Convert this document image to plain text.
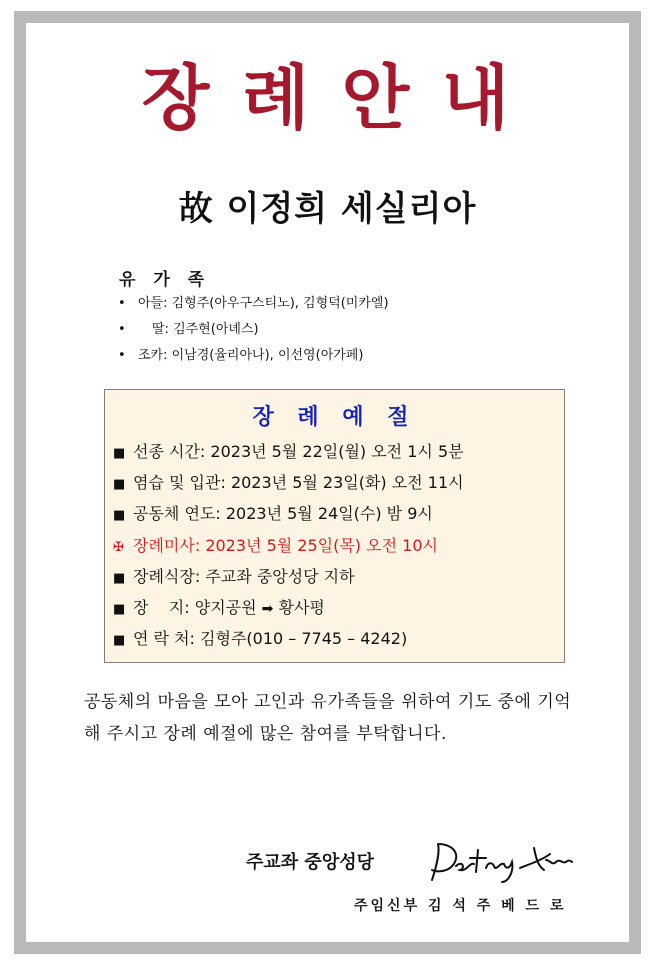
장 례 안 내
故 이정희 세실리아
유 가 족
• 아들: 김형주(아우구스티노), 김형덕(미카엘)
• 딸: 김주현(아녜스)
• 조카: 이남경(율리아나), 이선영(아가페)
장 례 예 절
■ 선종 시간: 2023년 5월 22일(월) 오전 1시 5분
■ 염습 및 입관: 2023년 5월 23일(화) 오전 11시
■ 공동체 연도: 2023년 5월 24일(수) 밤 9시
✠ 장례미사: 2023년 5월 25일(목) 오전 10시
■ 장례식장: 주교좌 중앙성당 지하
■ 장    지: 양지공원 ➡ 황사평
■ 연 락 처: 김형주(010 – 7745 – 4242)
공동체의 마음을 모아 고인과 유가족들을 위하여 기도 중에 기억해 주시고 장례 예절에 많은 참여를 부탁합니다.
주교좌 중앙성당
주임신부 김 석 주 베 드 로
